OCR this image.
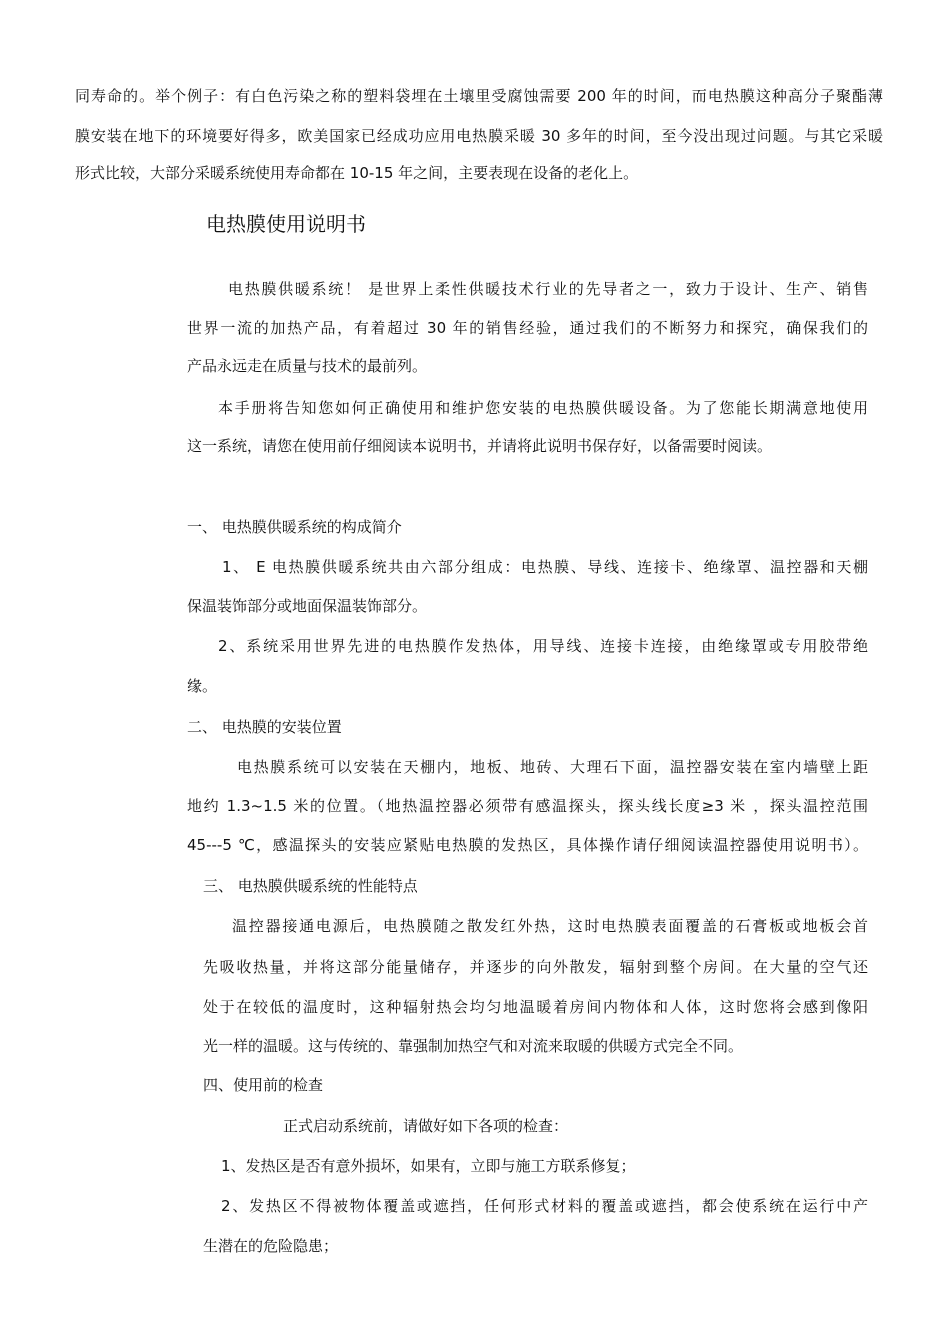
同寿命的。举个例子：有白色污染之称的塑料袋埋在土壤里受腐蚀需要 200 年的时间，而电热膜这种高分子聚酯薄
膜安装在地下的环境要好得多，欧美国家已经成功应用电热膜采暖 30 多年的时间，至今没出现过问题。与其它采暖
形式比较，大部分采暖系统使用寿命都在 10-15 年之间，主要表现在设备的老化上。
电热膜使用说明书
电热膜供暖系统！ 是世界上柔性供暖技术行业的先导者之一，致力于设计、生产、销售
世界一流的加热产品，有着超过 30 年的销售经验，通过我们的不断努力和探究，确保我们的
产品永远走在质量与技术的最前列。
本手册将告知您如何正确使用和维护您安装的电热膜供暖设备。为了您能长期满意地使用
这一系统，请您在使用前仔细阅读本说明书，并请将此说明书保存好，以备需要时阅读。
一、 电热膜供暖系统的构成简介
1、 E 电热膜供暖系统共由六部分组成：电热膜、导线、连接卡、绝缘罩、温控器和天棚
保温装饰部分或地面保温装饰部分。
2、系统采用世界先进的电热膜作发热体，用导线、连接卡连接，由绝缘罩或专用胶带绝
缘。
二、 电热膜的安装位置
电热膜系统可以安装在天棚内，地板、地砖、大理石下面，温控器安装在室内墙壁上距
地约 1.3~1.5 米的位置。（地热温控器必须带有感温探头，探头线长度≥3 米 ，探头温控范围
45---5 ℃，感温探头的安装应紧贴电热膜的发热区，具体操作请仔细阅读温控器使用说明书）。
三、 电热膜供暖系统的性能特点
温控器接通电源后，电热膜随之散发红外热，这时电热膜表面覆盖的石膏板或地板会首
先吸收热量，并将这部分能量储存，并逐步的向外散发，辐射到整个房间。在大量的空气还
处于在较低的温度时，这种辐射热会均匀地温暖着房间内物体和人体，这时您将会感到像阳
光一样的温暖。这与传统的、靠强制加热空气和对流来取暖的供暖方式完全不同。
四、使用前的检查
正式启动系统前，请做好如下各项的检查：
1、发热区是否有意外损坏，如果有，立即与施工方联系修复；
2、发热区不得被物体覆盖或遮挡，任何形式材料的覆盖或遮挡，都会使系统在运行中产
生潜在的危险隐患；
